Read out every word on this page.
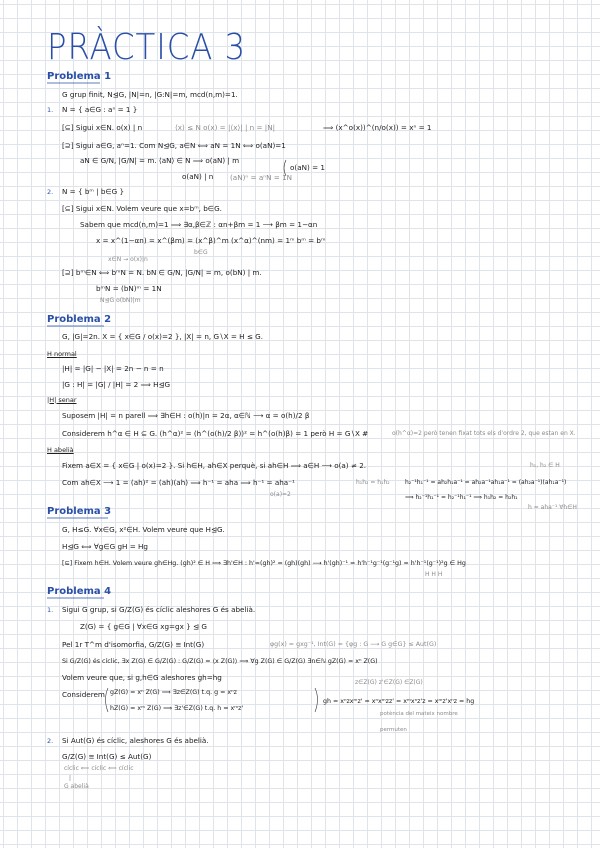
PRÀCTICA 3
Problema 1
G grup finit, N⊴G, |N|=n, |G:N|=m, mcd(n,m)=1.
1. N = { a∈G : aⁿ = 1 }
[⊆] Sigui x∈N. o(x) | n	⟨x⟩ ≤ N o(x) = |⟨x⟩| | n = |N|	⟹ (x^o(x))^(n/o(x)) = xⁿ = 1
[⊇] Sigui a∈G, aⁿ=1. Com N⊴G, a∈N ⟺ aN = 1N ⟺ o(aN)=1
aN ∈ G/N, |G/N| = m. ⟨aN⟩ ∈ N ⟹ o(aN) | m
o(aN) | n (aN)ⁿ = aⁿN = 1N
o(aN) = 1
2. N = { bᵐ | b∈G }
[⊆] Sigui x∈N. Volem veure que x=bᵐ, b∈G.
Sabem que mcd(n,m)=1 ⟹ ∃α,β∈ℤ : αn+βm = 1 ⟶ βm = 1−αn
x = x^(1−αn) = x^(βm) = (x^β)^m (x^α)^(nm) = 1ᵐ bᵐ = bᵐ
b∈G
x∈N → o(x)|n
[⊇] bᵐ∈N ⟺ bᵐN = N. bN ∈ G/N, |G/N| = m, o(bN) | m.
bᵐN = (bN)ᵐ = 1N
N⊴G o(bN)|m
Problema 2
G, |G|=2n. X = { x∈G / o(x)=2 }, |X| = n, G∖X = H ≤ G.
H normal
|H| = |G| − |X| = 2n − n = n
|G : H| = |G| / |H| = 2 ⟹ H⊴G
|H| senar
Suposem |H| = n parell ⟹ ∃h∈H : o(h)|n = 2α, α∈ℕ ⟶ α = o(h)/2 β
Considerem h^α ∈ H ⊆ G. (h^α)² = (h^(o(h)/2 β))² = h^(o(h)β) = 1 però H = G∖X #	o(h^α)=2 però tenen fixat tots els d'ordre 2, que estan en X.
H abelià
Fixem a∈X = { x∈G | o(x)=2 }. Si h∈H, ah∈X perquè, si ah∈H ⟹ a∈H ⟶ o(a) ≠ 2.	h₁, h₂ ∈ H
Com ah∈X ⟶ 1 = (ah)² = (ah)(ah) ⟹ h⁻¹ = aha ⟹ h⁻¹ = aha⁻¹	h₁h₂ = h₁h₂	h₂⁻¹h₁⁻¹ = ah₂h₁a⁻¹ = ah₂a⁻¹ah₁a⁻¹ = (ah₂a⁻¹)(ah₁a⁻¹)
o(a)=2	⟹ h₂⁻¹h₁⁻¹ = h₂⁻¹h₁⁻¹ ⟹ h₁h₂ = h₂h₁
h = aha⁻¹ ∀h∈H
Problema 3
G, H≤G. ∀x∈G, x²∈H. Volem veure que H⊴G.
H⊴G ⟺ ∀g∈G gH = Hg
[⊆] Fixem h∈H. Volem veure gh∈Hg. (gh)² ∈ H ⟹ ∃h'∈H : h'=(gh)² = (gh)(gh) ⟶ h'(gh)⁻¹ = h'h⁻¹g⁻¹(g⁻¹g) = h'h⁻¹(g⁻¹)²g ∈ Hg
H H H
Problema 4
1. Sigui G grup, si G/Z(G) és cíclic aleshores G és abelià.
Z(G) = { g∈G | ∀x∈G xg=gx } ⊴ G
Pel 1r T^m d'isomorfia, G/Z(G) ≅ Int(G)	φg(x) = gxg⁻¹, Int(G) = {φg : G ⟶ G g∈G} ≤ Aut(G)
Si G/Z(G) és cíclic, ∃x Z(G) ∈ G/Z(G) : G/Z(G) = ⟨x Z(G)⟩ ⟹ ∀g Z(G) ∈ G/Z(G) ∃n∈ℕ gZ(G) = xⁿ Z(G)
Volem veure que, si g,h∈G aleshores gh=hg
Considerem gZ(G) = xⁿ Z(G) ⟹ ∃z∈Z(G) t.q. g = xⁿz
hZ(G) = xᵐ Z(G) ⟹ ∃z'∈Z(G) t.q. h = xᵐz'
gh = xⁿzxᵐz' = xⁿxᵐzz' = xᵐxⁿz'z = xᵐz'xⁿz = hg
z∈Z(G) z'∈Z(G) ∈Z(G)
potència del mateix nombre
permuten
2. Si Aut(G) és cíclic, aleshores G és abelià.
G/Z(G) ≅ Int(G) ≤ Aut(G)
cíclic ⟸ cíclic ⟸ cíclic
G abelià
